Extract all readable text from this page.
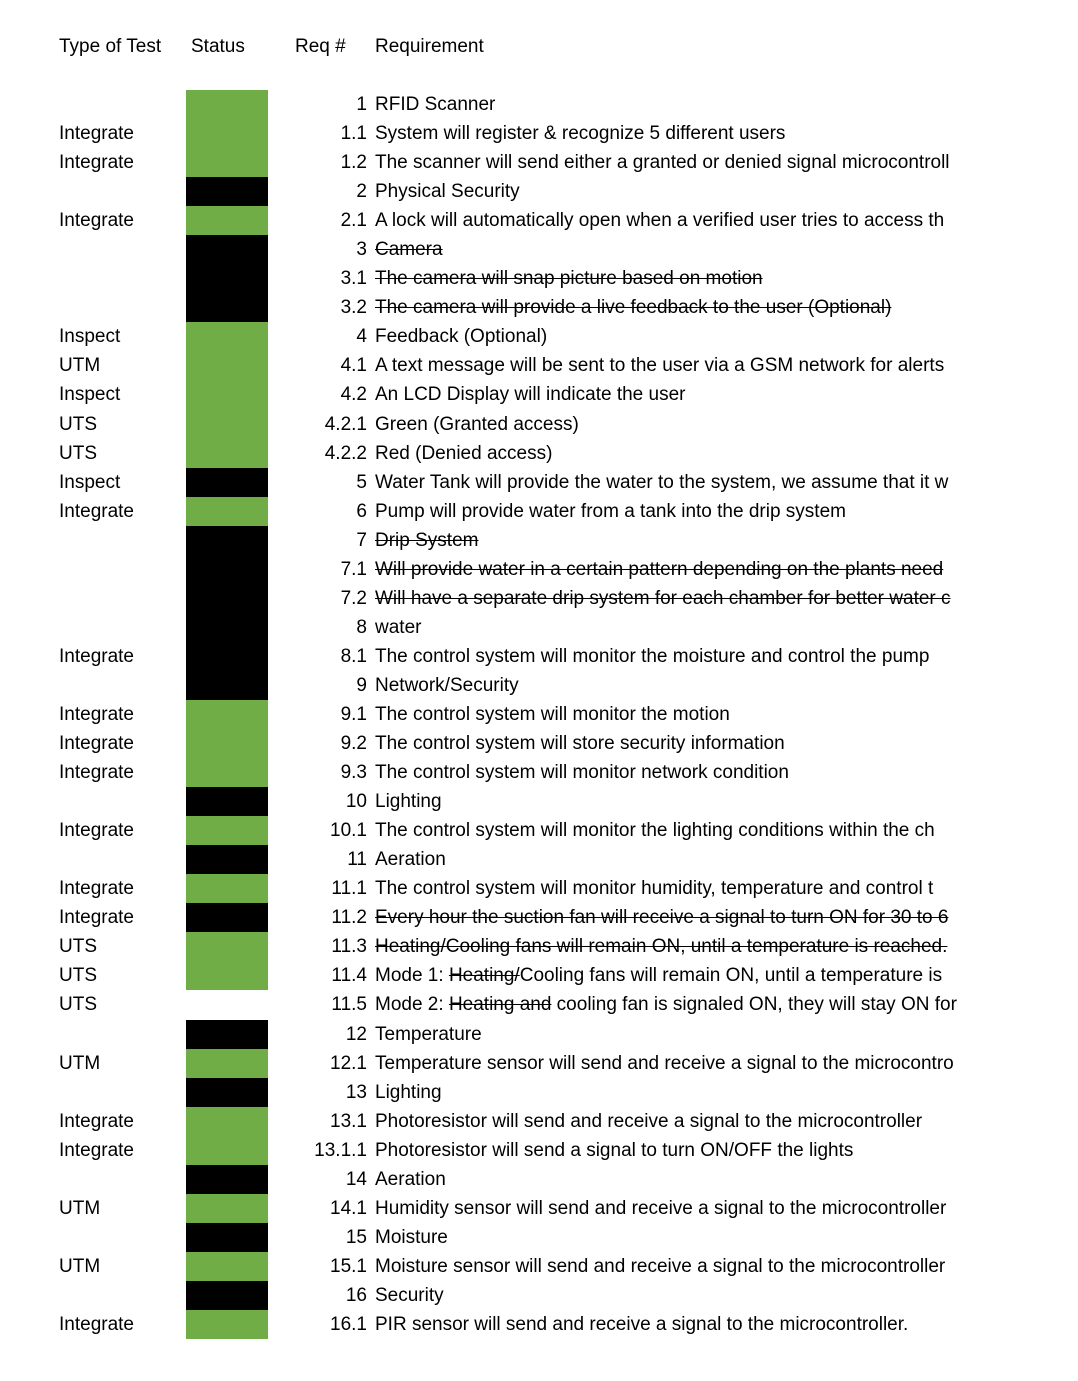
Type of Test Status	Req # Requirement
1 RFID Scanner
Integrate	1.1 System will register & recognize 5 different users
Integrate	1.2 The scanner will send either a granted or denied signal microcontroll
2 Physical Security
Integrate	2.1 A lock will automatically open when a verified user tries to access th
3 Camera
3.1 The camera will snap picture based on motion
3.2 The camera will provide a live feedback to the user (Optional)
Inspect	4 Feedback (Optional)
UTM	4.1 A text message will be sent to the user via a GSM network for alerts
Inspect	4.2 An LCD Display will indicate the user
UTS	4.2.1 Green (Granted access)
UTS	4.2.2 Red (Denied access)
Inspect	5 Water Tank will provide the water to the system, we assume that it w
Integrate	6 Pump will provide water from a tank into the drip system
7 Drip System
7.1 Will provide water in a certain pattern depending on the plants need
7.2 Will have a separate drip system for each chamber for better water c
8 water
Integrate	8.1 The control system will monitor the moisture and control the pump
9 Network/Security
Integrate	9.1 The control system will monitor the motion
Integrate	9.2 The control system will store security information
Integrate	9.3 The control system will monitor network condition
10 Lighting
Integrate	10.1 The control system will monitor the lighting conditions within the ch
11 Aeration
Integrate	11.1 The control system will monitor humidity, temperature and control t
Integrate	11.2 Every hour the suction fan will receive a signal to turn ON for 30 to 6
UTS	11.3 Heating/Cooling fans will remain ON, until a temperature is reached.
UTS	11.4 Mode 1: Heating/Cooling fans will remain ON, until a temperature is
UTS	11.5 Mode 2: Heating and cooling fan is signaled ON, they will stay ON for
12 Temperature
UTM	12.1 Temperature sensor will send and receive a signal to the microcontro
13 Lighting
Integrate	13.1 Photoresistor will send and receive a signal to the microcontroller
Integrate	13.1.1 Photoresistor will send a signal to turn ON/OFF the lights
14 Aeration
UTM	14.1 Humidity sensor will send and receive a signal to the microcontroller
15 Moisture
UTM	15.1 Moisture sensor will send and receive a signal to the microcontroller
16 Security
Integrate	16.1 PIR sensor will send and receive a signal to the microcontroller.
